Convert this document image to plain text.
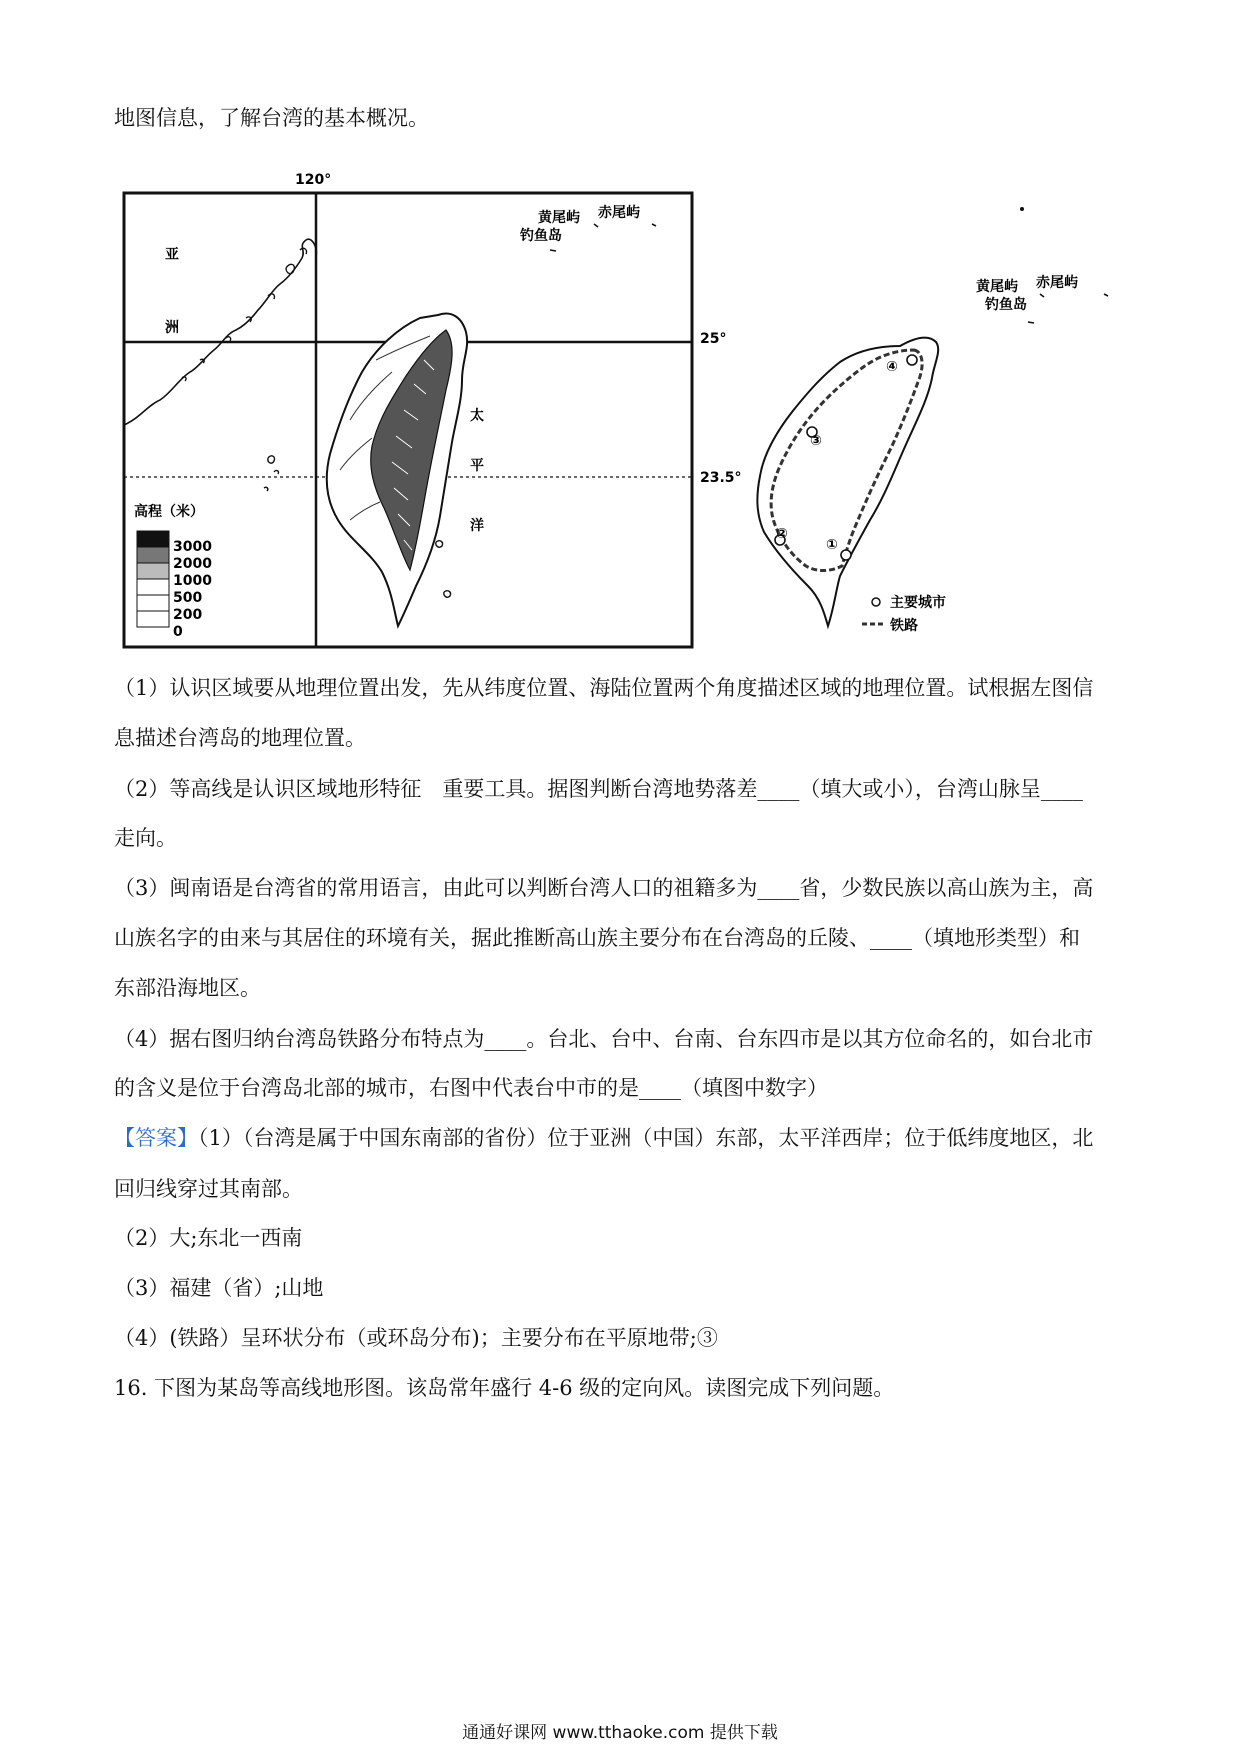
地图信息，了解台湾的基本概况。
120°
25°
23.5°
亚
洲
太
平
洋
黄尾屿 赤尾屿
钓鱼岛
高程（米）
3000
2000
1000
500
200
0
黄尾屿 赤尾屿
钓鱼岛
①
②
③
④
主要城市
铁路
（1）认识区域要从地理位置出发，先从纬度位置、海陆位置两个角度描述区域的地理位置。试根据左图信
息描述台湾岛的地理位置。
（2）等高线是认识区域地形特征　重要工具。据图判断台湾地势落差____（填大或小），台湾山脉呈____
走向。
（3）闽南语是台湾省的常用语言，由此可以判断台湾人口的祖籍多为____省，少数民族以高山族为主，高
山族名字的由来与其居住的环境有关，据此推断高山族主要分布在台湾岛的丘陵、____（填地形类型）和
东部沿海地区。
（4）据右图归纳台湾岛铁路分布特点为____。台北、台中、台南、台东四市是以其方位命名的，如台北市
的含义是位于台湾岛北部的城市，右图中代表台中市的是____（填图中数字）
【答案】（1）（台湾是属于中国东南部的省份）位于亚洲（中国）东部，太平洋西岸；位于低纬度地区，北
回归线穿过其南部。
（2）大;东北一西南
（3）福建（省）;山地
（4）(铁路）呈环状分布（或环岛分布)；主要分布在平原地带;③
16. 下图为某岛等高线地形图。该岛常年盛行 4-6 级的定向风。读图完成下列问题。
通通好课网 www.tthaoke.com 提供下载
